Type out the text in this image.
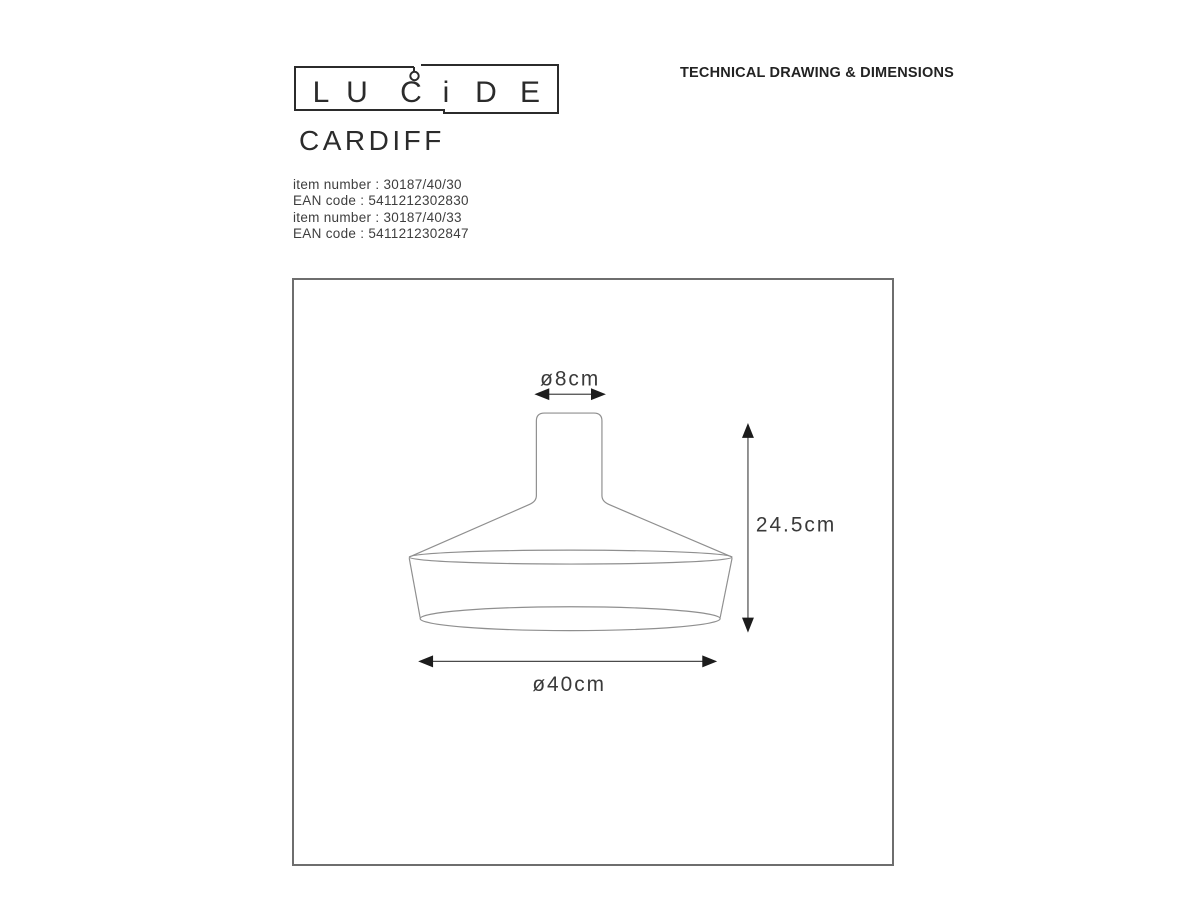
L U C i D E
CARDIFF
item number : 30187/40/30
EAN code : 5411212302830
item number : 30187/40/33
EAN code : 5411212302847
TECHNICAL DRAWING & DIMENSIONS
ø8cm
24.5cm
ø40cm
